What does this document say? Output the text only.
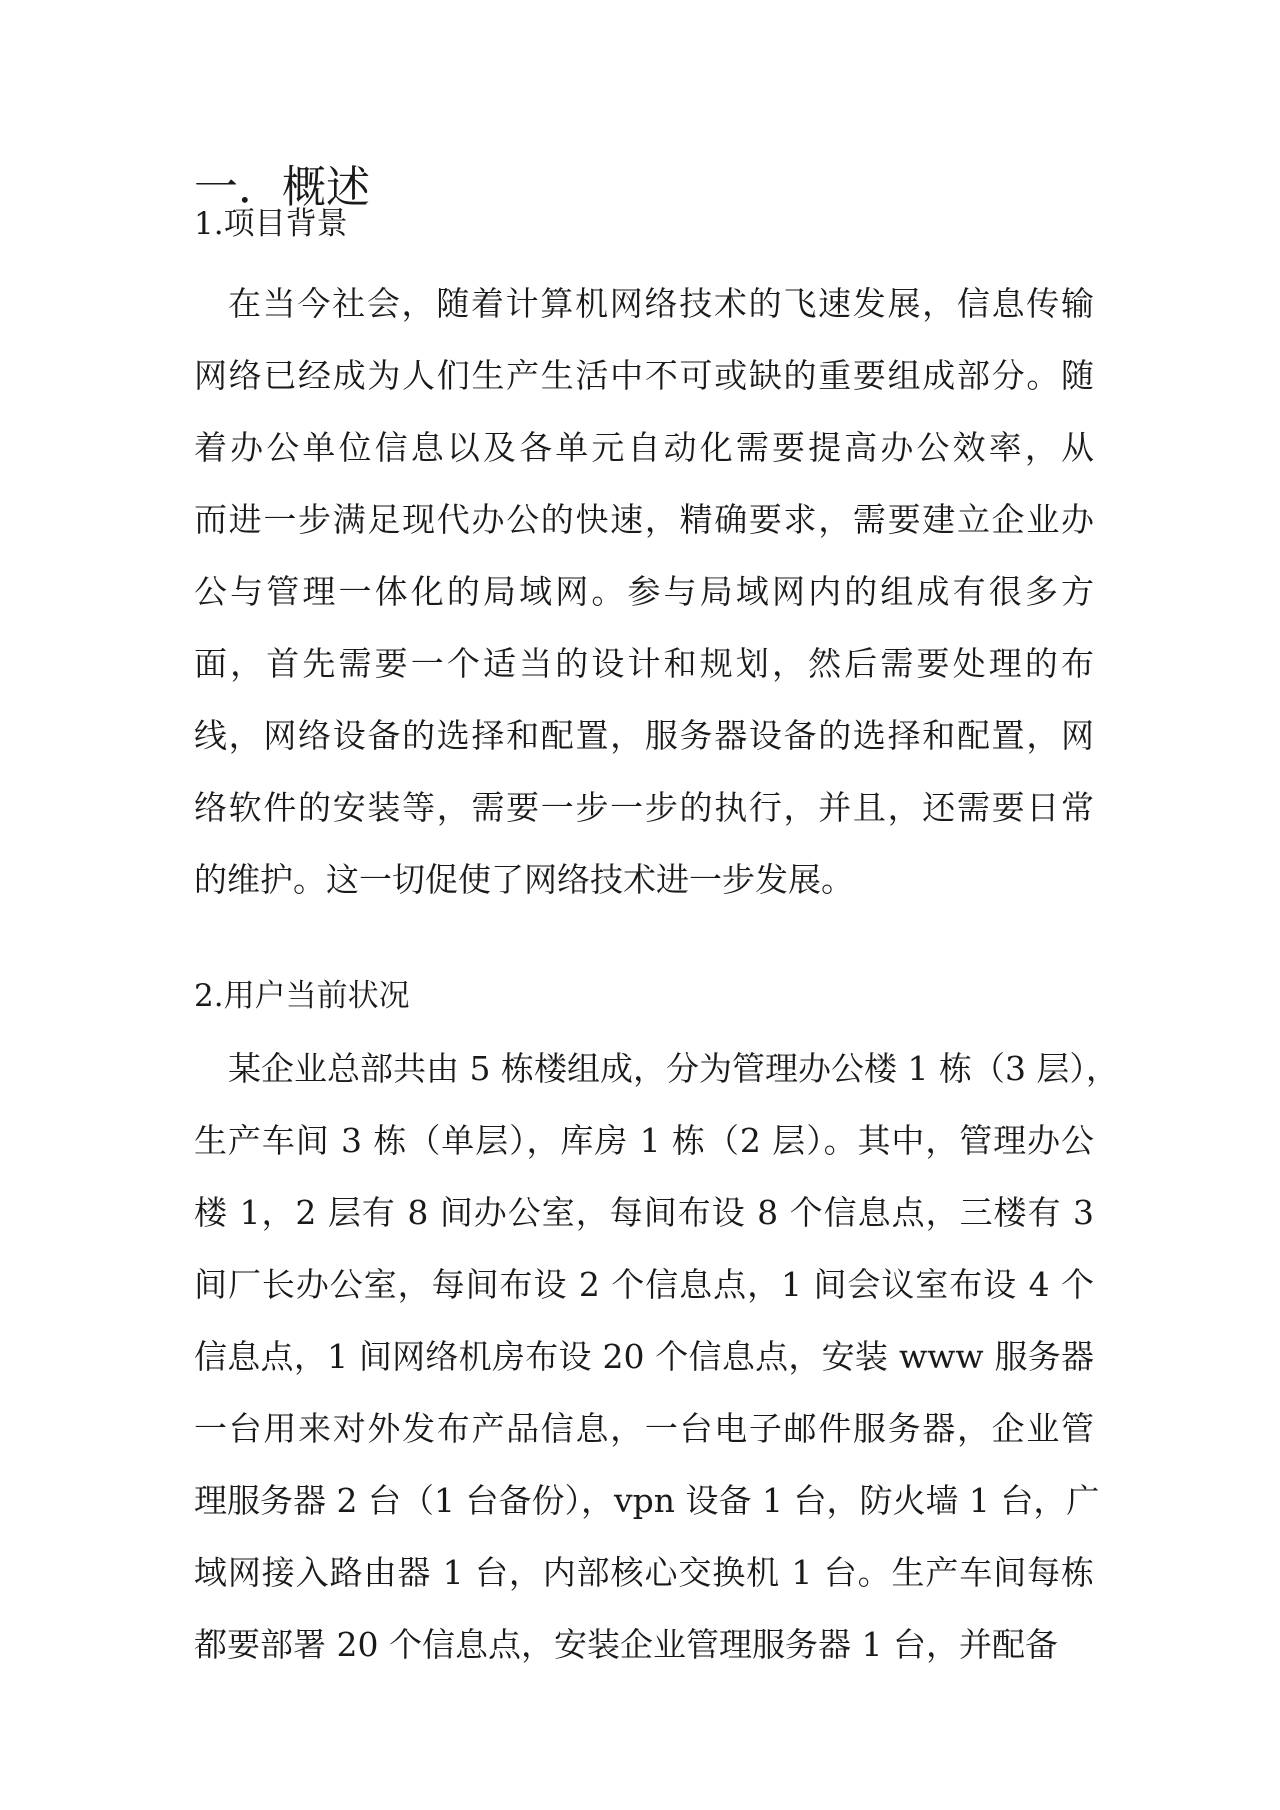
一．概述
1.项目背景
在当今社会，随着计算机网络技术的飞速发展，信息传输
网络已经成为人们生产生活中不可或缺的重要组成部分。随
着办公单位信息以及各单元自动化需要提高办公效率，从
而进一步满足现代办公的快速，精确要求，需要建立企业办
公与管理一体化的局域网。参与局域网内的组成有很多方
面，首先需要一个适当的设计和规划，然后需要处理的布
线，网络设备的选择和配置，服务器设备的选择和配置，网
络软件的安装等，需要一步一步的执行，并且，还需要日常
的维护。这一切促使了网络技术进一步发展。
2.用户当前状况
某企业总部共由 5 栋楼组成，分为管理办公楼 1 栋（3 层），
生产车间 3 栋（单层），库房 1 栋（2 层）。其中，管理办公
楼 1，2 层有 8 间办公室，每间布设 8 个信息点，三楼有 3
间厂长办公室，每间布设 2 个信息点，1 间会议室布设 4 个
信息点，1 间网络机房布设 20 个信息点，安装 www 服务器
一台用来对外发布产品信息，一台电子邮件服务器，企业管
理服务器 2 台（1 台备份），vpn 设备 1 台，防火墙 1 台，广
域网接入路由器 1 台，内部核心交换机 1 台。生产车间每栋
都要部署 20 个信息点，安装企业管理服务器 1 台，并配备
